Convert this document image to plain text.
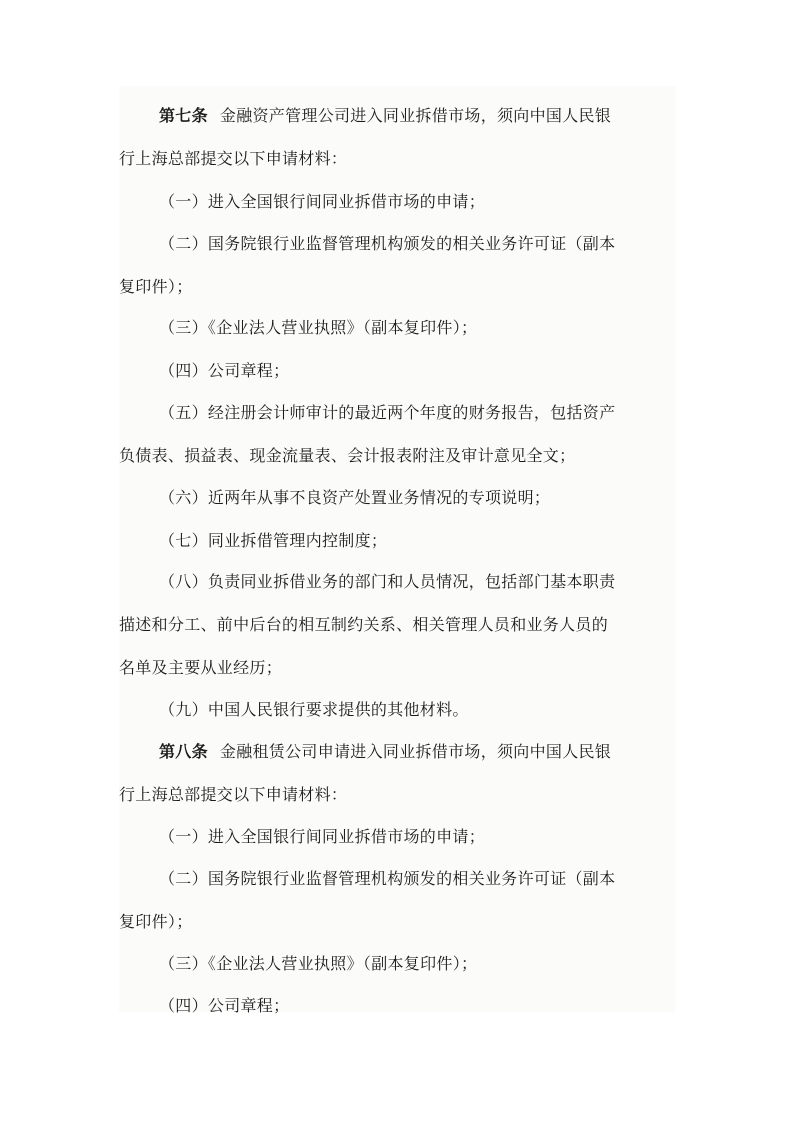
第七条 金融资产管理公司进入同业拆借市场，须向中国人民银
行上海总部提交以下申请材料：
（一）进入全国银行间同业拆借市场的申请；
（二）国务院银行业监督管理机构颁发的相关业务许可证（副本
复印件）；
（三）《企业法人营业执照》（副本复印件）；
（四）公司章程；
（五）经注册会计师审计的最近两个年度的财务报告，包括资产
负债表、损益表、现金流量表、会计报表附注及审计意见全文；
（六）近两年从事不良资产处置业务情况的专项说明；
（七）同业拆借管理内控制度；
（八）负责同业拆借业务的部门和人员情况，包括部门基本职责
描述和分工、前中后台的相互制约关系、相关管理人员和业务人员的
名单及主要从业经历；
（九）中国人民银行要求提供的其他材料。
第八条 金融租赁公司申请进入同业拆借市场，须向中国人民银
行上海总部提交以下申请材料：
（一）进入全国银行间同业拆借市场的申请；
（二）国务院银行业监督管理机构颁发的相关业务许可证（副本
复印件）；
（三）《企业法人营业执照》（副本复印件）；
（四）公司章程；
